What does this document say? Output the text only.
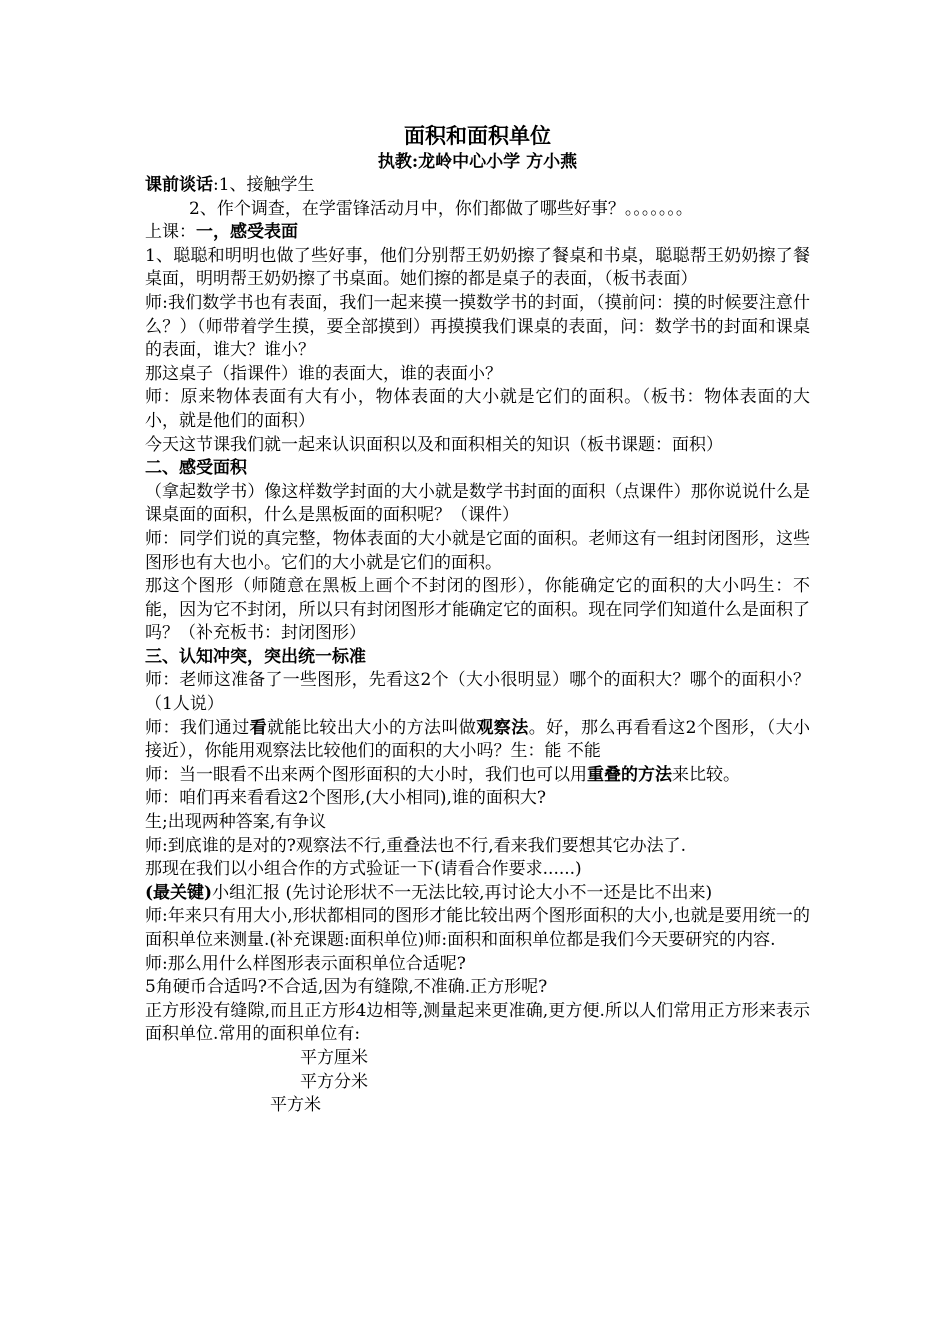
面积和面积单位
执教:龙岭中心小学 方小燕

课前谈话:1、接触学生

2、作个调查，在学雷锋活动月中，你们都做了哪些好事？。。。。。。。

上课：一，感受表面

1、聪聪和明明也做了些好事，他们分别帮王奶奶擦了餐桌和书桌，聪聪帮王奶奶擦了餐桌面，明明帮王奶奶擦了书桌面。她们擦的都是桌子的表面，（板书表面）

师:我们数学书也有表面，我们一起来摸一摸数学书的封面，（摸前问：摸的时候要注意什么？）（师带着学生摸，要全部摸到）再摸摸我们课桌的表面，问：数学书的封面和课桌的表面，谁大？谁小？

那这桌子（指课件）谁的表面大，谁的表面小？

师：原来物体表面有大有小，物体表面的大小就是它们的面积。（板书：物体表面的大小，就是他们的面积）

今天这节课我们就一起来认识面积以及和面积相关的知识（板书课题：面积）

二、感受面积

（拿起数学书）像这样数学封面的大小就是数学书封面的面积（点课件）那你说说什么是课桌面的面积，什么是黑板面的面积呢？（课件）

师：同学们说的真完整，物体表面的大小就是它面的面积。老师这有一组封闭图形，这些图形也有大也小。它们的大小就是它们的面积。

那这个图形（师随意在黑板上画个不封闭的图形），你能确定它的面积的大小吗生：不能，因为它不封闭，所以只有封闭图形才能确定它的面积。现在同学们知道什么是面积了吗？（补充板书：封闭图形）

三、认知冲突，突出统一标准

师：老师这准备了一些图形，先看这2个（大小很明显）哪个的面积大？哪个的面积小？（1人说）

师：我们通过看就能比较出大小的方法叫做观察法。好，那么再看看这2个图形，（大小接近），你能用观察法比较他们的面积的大小吗？生：能 不能

师：当一眼看不出来两个图形面积的大小时，我们也可以用重叠的方法来比较。

师：咱们再来看看这2个图形,(大小相同),谁的面积大?

生;出现两种答案,有争议

师:到底谁的是对的?观察法不行,重叠法也不行,看来我们要想其它办法了.

那现在我们以小组合作的方式验证一下(请看合作要求......)

(最关键)小组汇报 (先讨论形状不一无法比较,再讨论大小不一还是比不出来)

师:年来只有用大小,形状都相同的图形才能比较出两个图形面积的大小,也就是要用统一的面积单位来测量.(补充课题:面积单位)师:面积和面积单位都是我们今天要研究的内容.

师:那么用什么样图形表示面积单位合适呢?

5角硬币合适吗?不合适,因为有缝隙,不准确.正方形呢?

正方形没有缝隙,而且正方形4边相等,测量起来更准确,更方便.所以人们常用正方形来表示面积单位.常用的面积单位有:

平方厘米

平方分米

平方米
